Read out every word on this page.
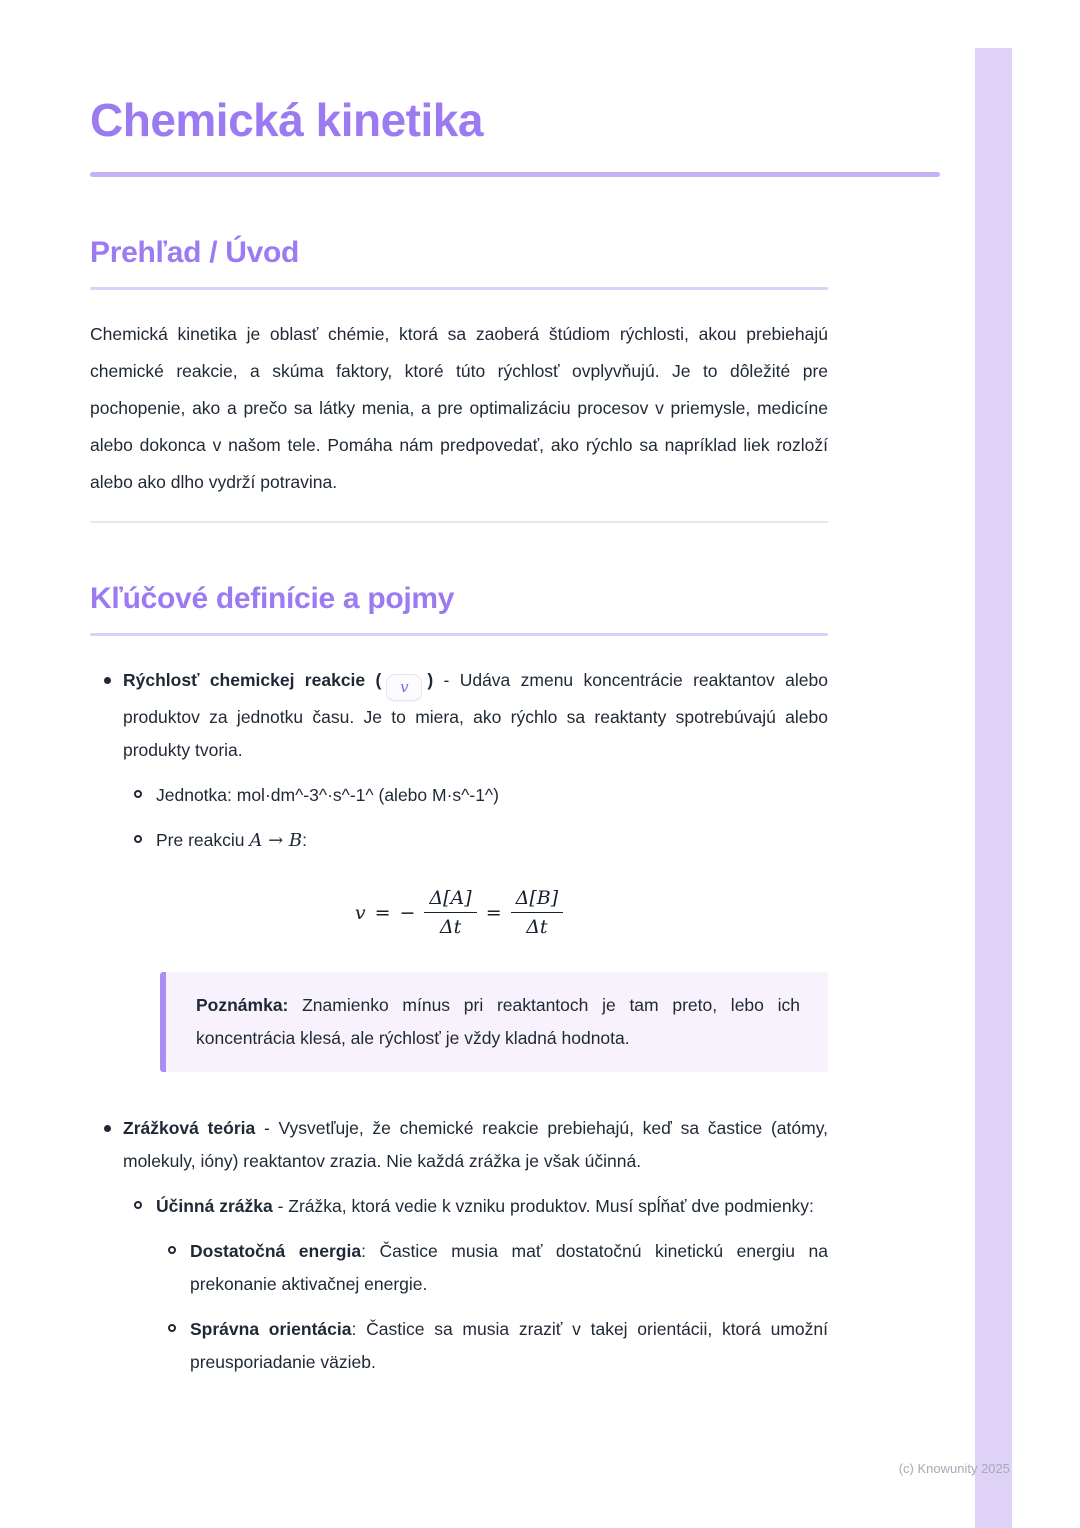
Chemická kinetika
Prehľad / Úvod

Chemická kinetika je oblasť chémie, ktorá sa zaoberá štúdiom rýchlosti, akou prebiehajú chemické reakcie, a skúma faktory, ktoré túto rýchlosť ovplyvňujú. Je to dôležité pre pochopenie, ako a prečo sa látky menia, a pre optimalizáciu procesov v priemysle, medicíne alebo dokonca v našom tele. Pomáha nám predpovedať, ako rýchlo sa napríklad liek rozloží alebo ako dlho vydrží potravina.

Kľúčové definície a pojmy
Rýchlosť chemickej reakcie ( v ) - Udáva zmenu koncentrácie reaktantov alebo produktov za jednotku času. Je to miera, ako rýchlo sa reaktanty spotrebúvajú alebo produkty tvoria.
Jednotka: mol·dm^-3^·s^-1^ (alebo M·s^-1^)
Pre reakciu A → B:
v = − $\frac{\Delta[A]}{\Delta t} = \frac{\Delta[B]}{\Delta t}$
Poznámka: Znamienko mínus pri reaktantoch je tam preto, lebo ich koncentrácia klesá, ale rýchlosť je vždy kladná hodnota.
Zrážková teória - Vysvetľuje, že chemické reakcie prebiehajú, keď sa častice (atómy, molekuly, ióny) reaktantov zrazia. Nie každá zrážka je však účinná.
Účinná zrážka - Zrážka, ktorá vedie k vzniku produktov. Musí spĺňať dve podmienky:
Dostatočná energia: Častice musia mať dostatočnú kinetickú energiu na prekonanie aktivačnej energie.
Správna orientácia: Častice sa musia zraziť v takej orientácii, ktorá umožní preusporiadanie väzieb.
(c) Knowunity 2025
